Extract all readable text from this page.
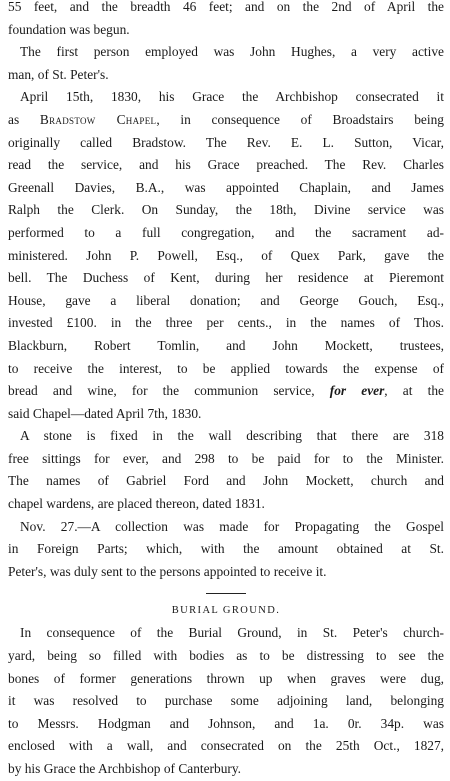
55 feet, and the breadth 46 feet; and on the 2nd of April the
foundation was begun.
The first person employed was John Hughes, a very active
man, of St. Peter's.
April 15th, 1830, his Grace the Archbishop consecrated it
as Bradstow Chapel, in consequence of Broadstairs being
originally called Bradstow. The Rev. E. L. Sutton, Vicar,
read the service, and his Grace preached. The Rev. Charles
Greenall Davies, B.A., was appointed Chaplain, and James
Ralph the Clerk. On Sunday, the 18th, Divine service was
performed to a full congregation, and the sacrament ad-
ministered. John P. Powell, Esq., of Quex Park, gave the
bell. The Duchess of Kent, during her residence at Pieremont
House, gave a liberal donation; and George Gouch, Esq.,
invested £100. in the three per cents., in the names of Thos.
Blackburn, Robert Tomlin, and John Mockett, trustees,
to receive the interest, to be applied towards the expense of
bread and wine, for the communion service, for ever, at the
said Chapel—dated April 7th, 1830.
A stone is fixed in the wall describing that there are 318
free sittings for ever, and 298 to be paid for to the Minister.
The names of Gabriel Ford and John Mockett, church and
chapel wardens, are placed thereon, dated 1831.
Nov. 27.—A collection was made for Propagating the Gospel
in Foreign Parts; which, with the amount obtained at St.
Peter's, was duly sent to the persons appointed to receive it.
BURIAL GROUND.
In consequence of the Burial Ground, in St. Peter's church-
yard, being so filled with bodies as to be distressing to see the
bones of former generations thrown up when graves were dug,
it was resolved to purchase some adjoining land, belonging
to Messrs. Hodgman and Johnson, and 1a. 0r. 34p. was
enclosed with a wall, and consecrated on the 25th Oct., 1827,
by his Grace the Archbishop of Canterbury.
